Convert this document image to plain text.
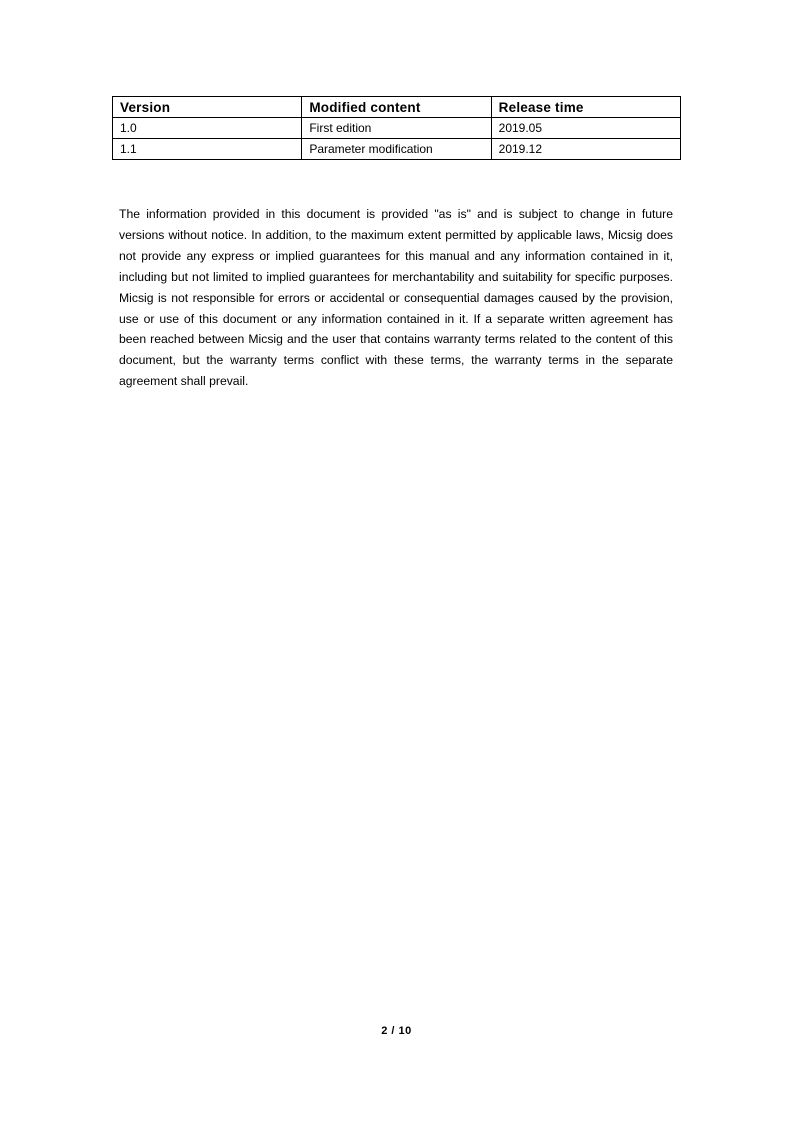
Version	Modified content	Release time
1.0	First edition	2019.05
1.1	Parameter modification	2019.12

The information provided in this document is provided "as is" and is subject to change in future versions without notice. In addition, to the maximum extent permitted by applicable laws, Micsig does not provide any express or implied guarantees for this manual and any information contained in it, including but not limited to implied guarantees for merchantability and suitability for specific purposes. Micsig is not responsible for errors or accidental or consequential damages caused by the provision, use or use of this document or any information contained in it. If a separate written agreement has been reached between Micsig and the user that contains warranty terms related to the content of this document, but the warranty terms conflict with these terms, the warranty terms in the separate agreement shall prevail.

2 / 10
